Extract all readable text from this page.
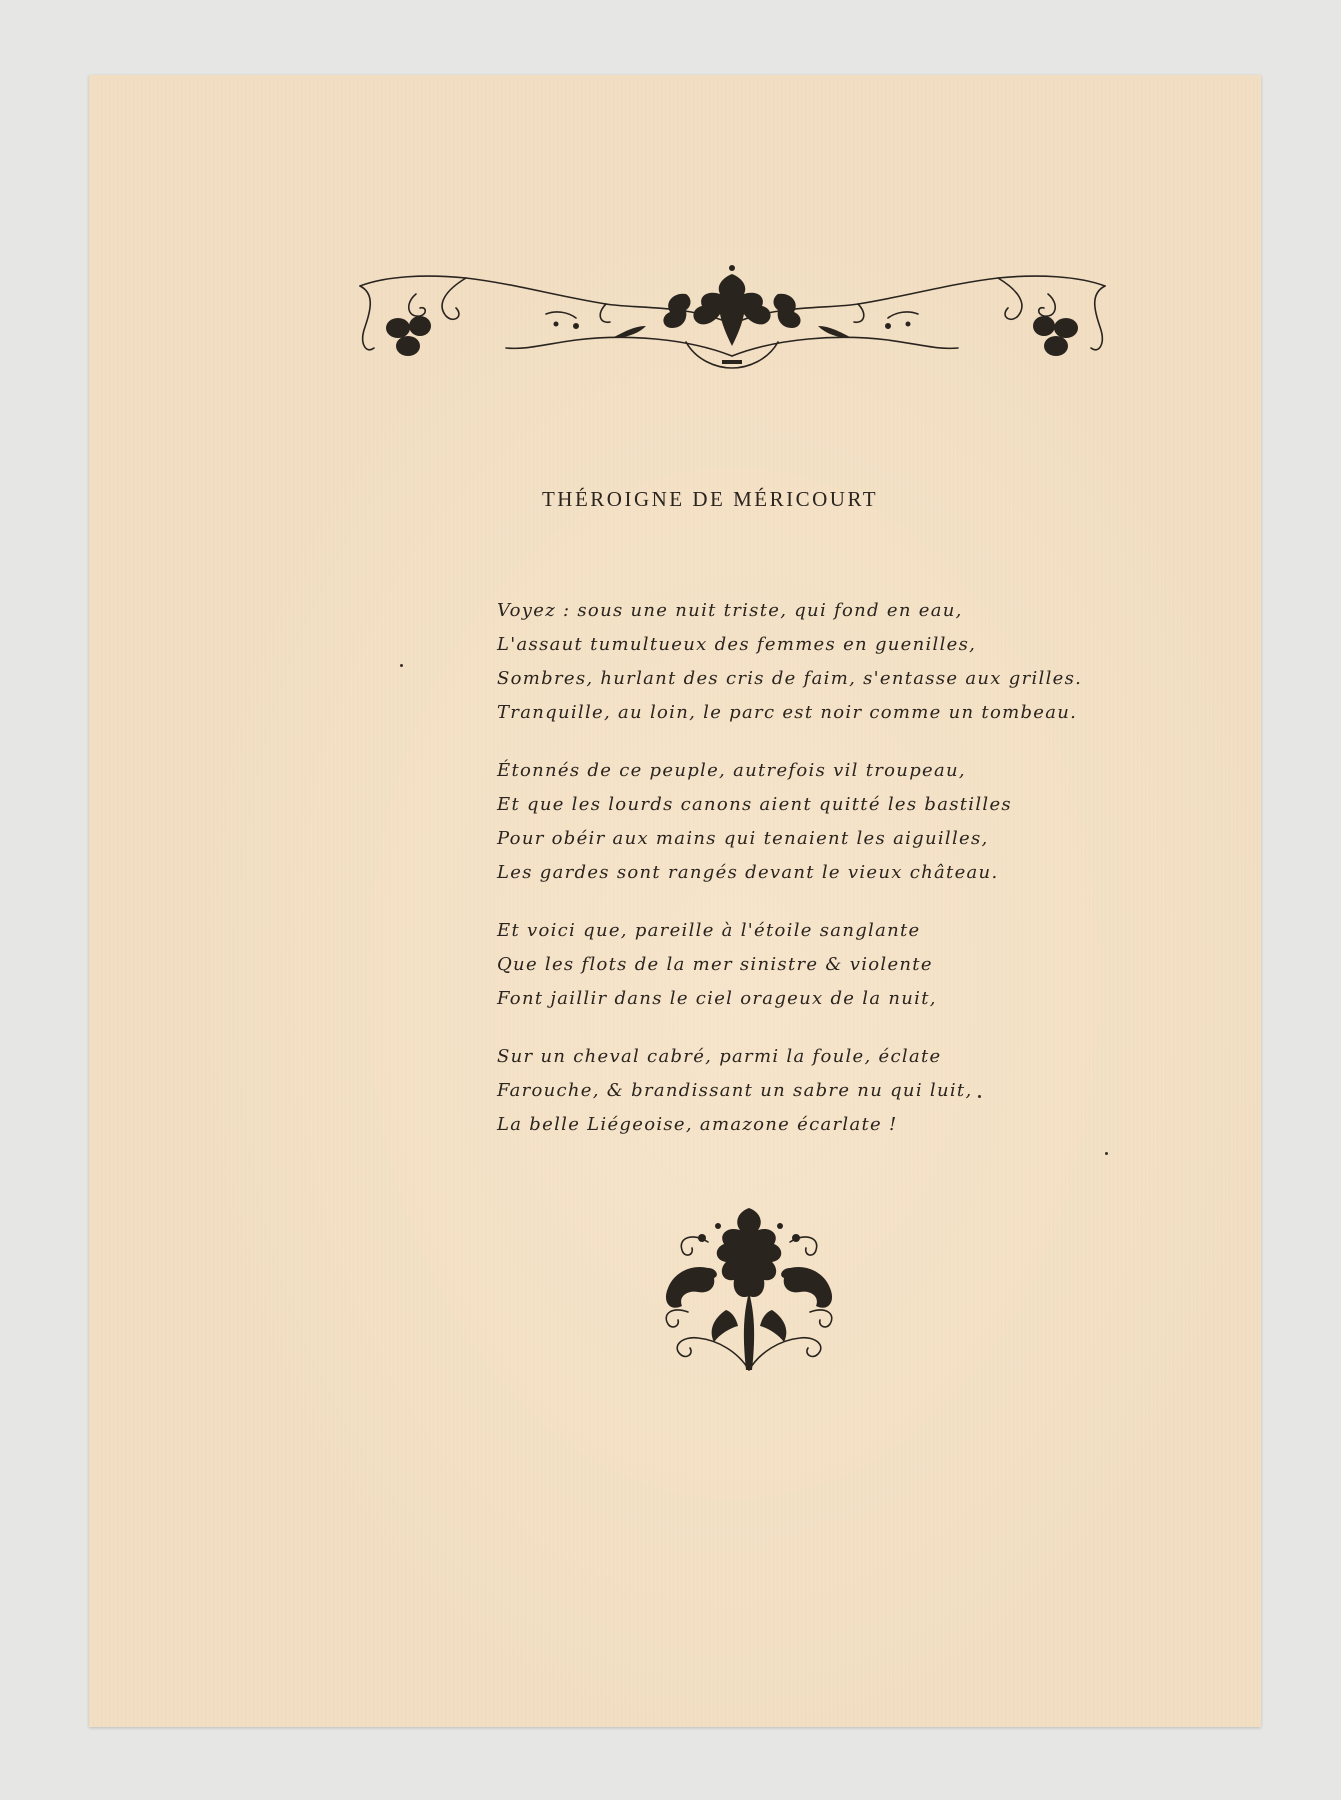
THÉROIGNE DE MÉRICOURT
Voyez : sous une nuit triste, qui fond en eau,
L'assaut tumultueux des femmes en guenilles,
Sombres, hurlant des cris de faim, s'entasse aux grilles.
Tranquille, au loin, le parc est noir comme un tombeau.
Étonnés de ce peuple, autrefois vil troupeau,
Et que les lourds canons aient quitté les bastilles
Pour obéir aux mains qui tenaient les aiguilles,
Les gardes sont rangés devant le vieux château.
Et voici que, pareille à l'étoile sanglante
Que les flots de la mer sinistre & violente
Font jaillir dans le ciel orageux de la nuit,
Sur un cheval cabré, parmi la foule, éclate
Farouche, & brandissant un sabre nu qui luit,
La belle Liégeoise, amazone écarlate !
